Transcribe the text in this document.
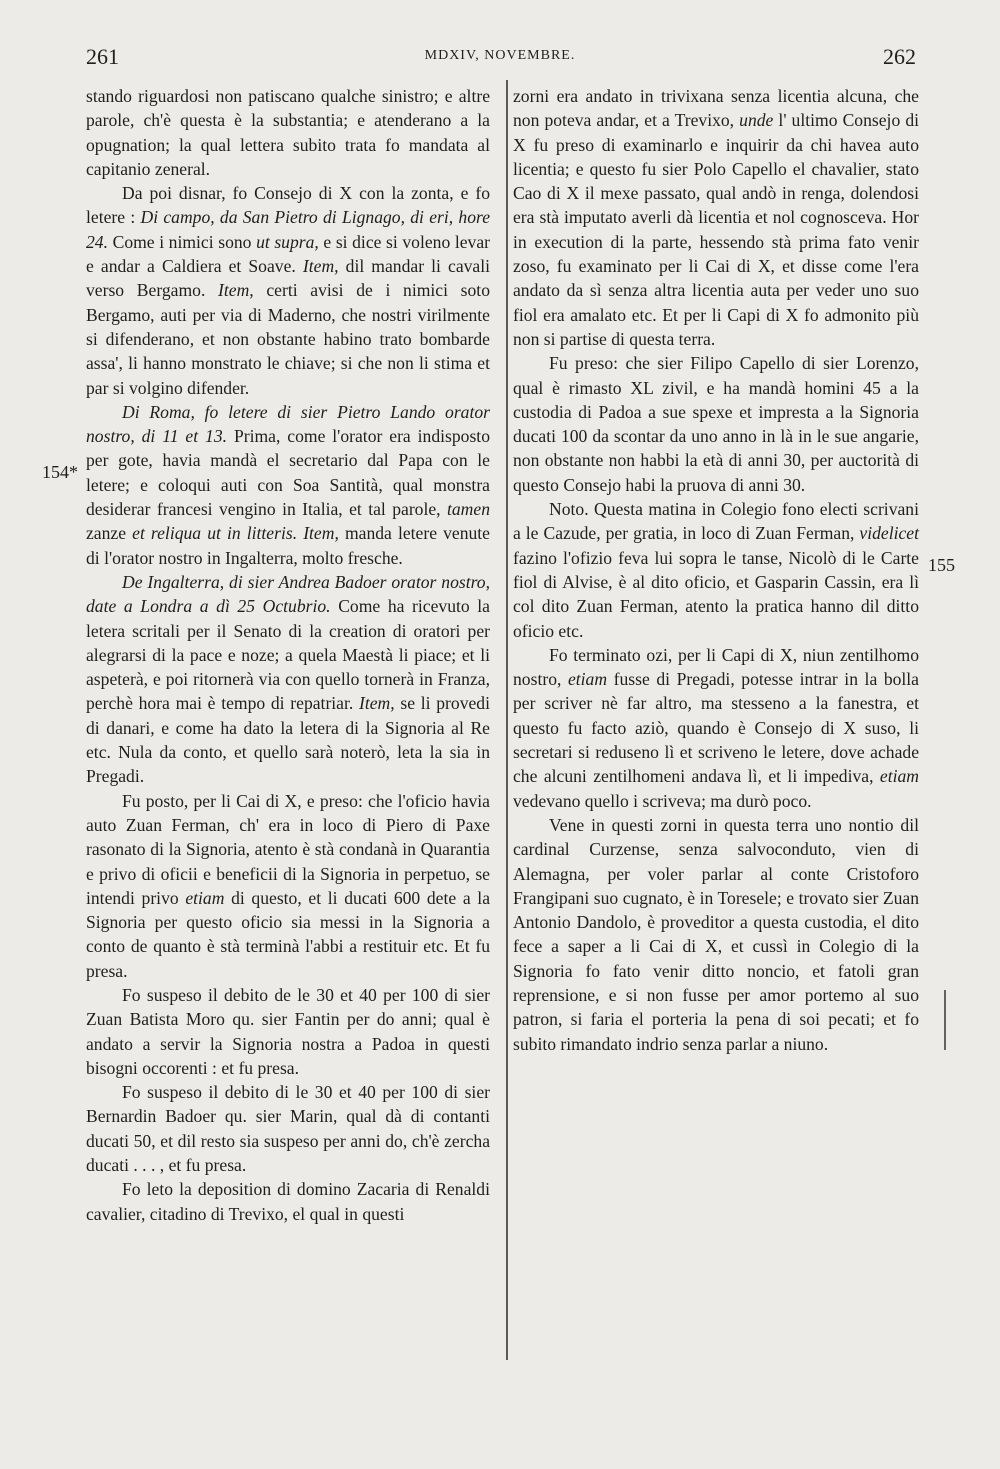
261	MDXIV, NOVEMBRE.	262
154*
155

stando riguardosi non patiscano qualche sinistro; e altre parole, ch'è questa è la substantia; e atenderano a la opugnation; la qual lettera subito trata fo mandata al capitanio zeneral.

Da poi disnar, fo Consejo di X con la zonta, e fo letere : Di campo, da San Pietro di Lignago, di eri, hore 24. Come i nimici sono ut supra, e si dice si voleno levar e andar a Caldiera et Soave. Item, dil mandar li cavali verso Bergamo. Item, certi avisi de i nimici soto Bergamo, auti per via di Maderno, che nostri virilmente si difenderano, et non obstante habino trato bombarde assa', li hanno monstrato le chiave; si che non li stima et par si volgino difender.

Di Roma, fo letere di sier Pietro Lando orator nostro, di 11 et 13. Prima, come l'orator era indisposto per gote, havia mandà el secretario dal Papa con le letere; e coloqui auti con Soa Santità, qual monstra desiderar francesi vengino in Italia, et tal parole, tamen zanze et reliqua ut in litteris. Item, manda letere venute di l'orator nostro in Ingalterra, molto fresche.

De Ingalterra, di sier Andrea Badoer orator nostro, date a Londra a dì 25 Octubrio. Come ha ricevuto la letera scritali per il Senato di la creation di oratori per alegrarsi di la pace e noze; a quela Maestà li piace; et li aspeterà, e poi ritornerà via con quello tornerà in Franza, perchè hora mai è tempo di repatriar. Item, se li provedi di danari, e come ha dato la letera di la Signoria al Re etc. Nula da conto, et quello sarà noterò, leta la sia in Pregadi.

Fu posto, per li Cai di X, e preso: che l'oficio havia auto Zuan Ferman, ch' era in loco di Piero di Paxe rasonato di la Signoria, atento è stà condanà in Quarantia e privo di oficii e beneficii di la Signoria in perpetuo, se intendi privo etiam di questo, et li ducati 600 dete a la Signoria per questo oficio sia messi in la Signoria a conto de quanto è stà terminà l'abbi a restituir etc. Et fu presa.

Fo suspeso il debito de le 30 et 40 per 100 di sier Zuan Batista Moro qu. sier Fantin per do anni; qual è andato a servir la Signoria nostra a Padoa in questi bisogni occorenti : et fu presa.

Fo suspeso il debito di le 30 et 40 per 100 di sier Bernardin Badoer qu. sier Marin, qual dà di contanti ducati 50, et dil resto sia suspeso per anni do, ch'è zercha ducati . . . , et fu presa.

Fo leto la deposition di domino Zacaria di Renaldi cavalier, citadino di Trevixo, el qual in questi

zorni era andato in trivixana senza licentia alcuna, che non poteva andar, et a Trevixo, unde l' ultimo Consejo di X fu preso di examinarlo e inquirir da chi havea auto licentia; e questo fu sier Polo Capello el chavalier, stato Cao di X il mexe passato, qual andò in renga, dolendosi era stà imputato averli dà licentia et nol cognosceva. Hor in execution di la parte, hessendo stà prima fato venir zoso, fu examinato per li Cai di X, et disse come l'era andato da sì senza altra licentia auta per veder uno suo fiol era amalato etc. Et per li Capi di X fo admonito più non si partise di questa terra.

Fu preso: che sier Filipo Capello di sier Lorenzo, qual è rimasto XL zivil, e ha mandà homini 45 a la custodia di Padoa a sue spexe et impresta a la Signoria ducati 100 da scontar da uno anno in là in le sue angarie, non obstante non habbi la età di anni 30, per auctorità di questo Consejo habi la pruova di anni 30.

Noto. Questa matina in Colegio fono electi scrivani a le Cazude, per gratia, in loco di Zuan Ferman, videlicet fazino l'ofizio feva lui sopra le tanse, Nicolò di le Carte fiol di Alvise, è al dito oficio, et Gasparin Cassin, era lì col dito Zuan Ferman, atento la pratica hanno dil ditto oficio etc.

Fo terminato ozi, per li Capi di X, niun zentilhomo nostro, etiam fusse di Pregadi, potesse intrar in la bolla per scriver nè far altro, ma stesseno a la fanestra, et questo fu facto aziò, quando è Consejo di X suso, li secretari si reduseno lì et scriveno le letere, dove achade che alcuni zentilhomeni andava lì, et li impediva, etiam vedevano quello i scriveva; ma durò poco.

Vene in questi zorni in questa terra uno nontio dil cardinal Curzense, senza salvoconduto, vien di Alemagna, per voler parlar al conte Cristoforo Frangipani suo cugnato, è in Toresele; e trovato sier Zuan Antonio Dandolo, è proveditor a questa custodia, el dito fece a saper a li Cai di X, et cussì in Colegio di la Signoria fo fato venir ditto noncio, et fatoli gran reprensione, e si non fusse per amor portemo al suo patron, si faria el porteria la pena di soi pecati; et fo subito rimandato indrio senza parlar a niuno.
